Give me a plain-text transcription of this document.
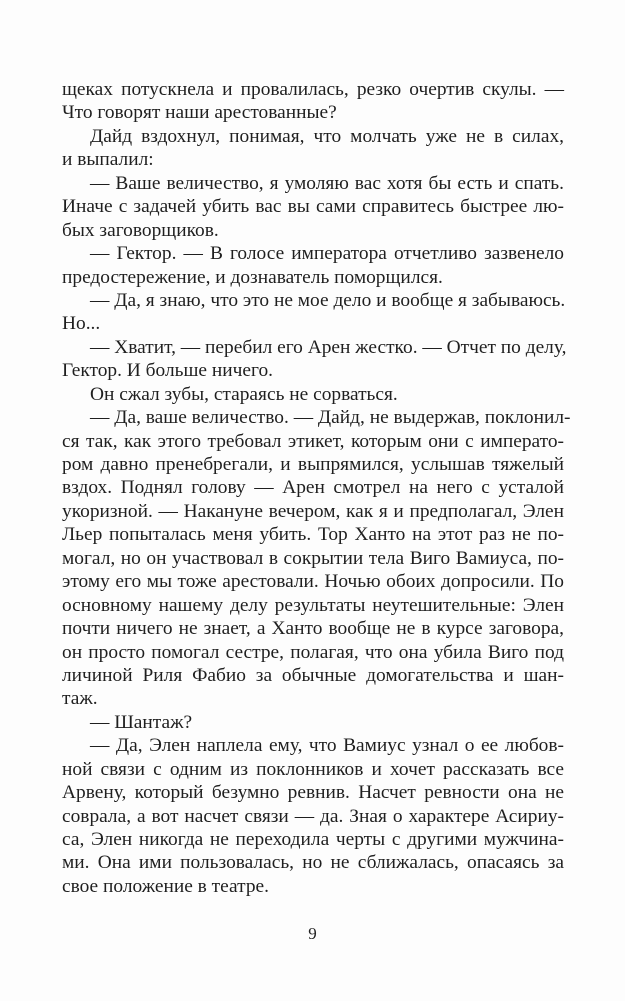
щеках потускнела и провалилась, резко очертив скулы. —
Что говорят наши арестованные?
Дайд вздохнул, понимая, что молчать уже не в силах,
и выпалил:
— Ваше величество, я умоляю вас хотя бы есть и спать.
Иначе с задачей убить вас вы сами справитесь быстрее лю-
бых заговорщиков.
— Гектор. — В голосе императора отчетливо зазвенело
предостережение, и дознаватель поморщился.
— Да, я знаю, что это не мое дело и вообще я забываюсь.
Но...
— Хватит, — перебил его Арен жестко. — Отчет по делу,
Гектор. И больше ничего.
Он сжал зубы, стараясь не сорваться.
— Да, ваше величество. — Дайд, не выдержав, поклонил-
ся так, как этого требовал этикет, которым они с императо-
ром давно пренебрегали, и выпрямился, услышав тяжелый
вздох. Поднял голову — Арен смотрел на него с усталой
укоризной. — Накануне вечером, как я и предполагал, Элен
Льер попыталась меня убить. Тор Ханто на этот раз не по-
могал, но он участвовал в сокрытии тела Виго Вамиуса, по-
этому его мы тоже арестовали. Ночью обоих допросили. По
основному нашему делу результаты неутешительные: Элен
почти ничего не знает, а Ханто вообще не в курсе заговора,
он просто помогал сестре, полагая, что она убила Виго под
личиной Риля Фабио за обычные домогательства и шан-
таж.
— Шантаж?
— Да, Элен наплела ему, что Вамиус узнал о ее любов-
ной связи с одним из поклонников и хочет рассказать все
Арвену, который безумно ревнив. Насчет ревности она не
соврала, а вот насчет связи — да. Зная о характере Асириу-
са, Элен никогда не переходила черты с другими мужчина-
ми. Она ими пользовалась, но не сближалась, опасаясь за
свое положение в театре.
9
